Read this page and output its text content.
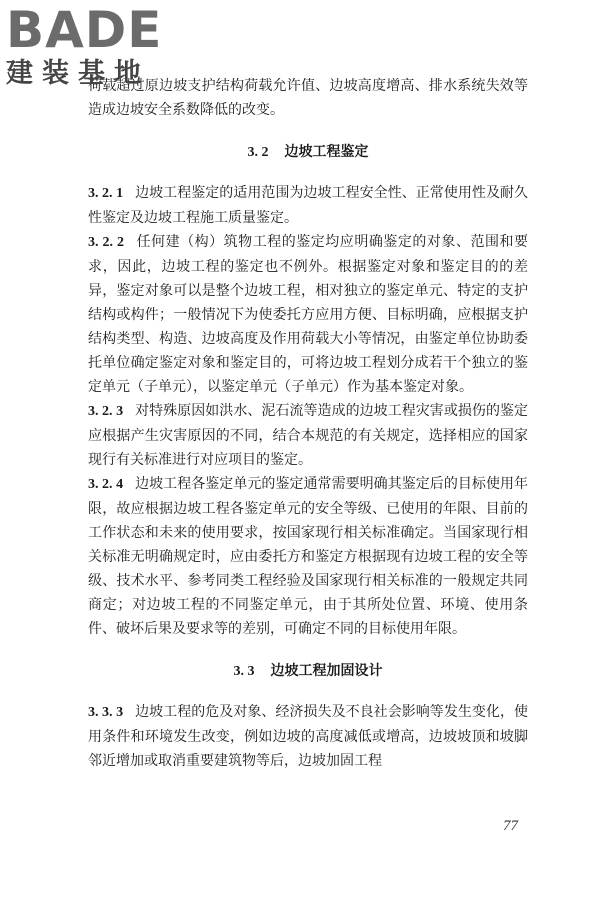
BADE
建装基地

荷载超过原边坡支护结构荷载允许值、边坡高度增高、排水系统失效等造成边坡安全系数降低的改变。

3. 2 边坡工程鉴定

3. 2. 1 边坡工程鉴定的适用范围为边坡工程安全性、正常使用性及耐久性鉴定及边坡工程施工质量鉴定。

3. 2. 2 任何建（构）筑物工程的鉴定均应明确鉴定的对象、范围和要求，因此，边坡工程的鉴定也不例外。根据鉴定对象和鉴定目的的差异，鉴定对象可以是整个边坡工程，相对独立的鉴定单元、特定的支护结构或构件；一般情况下为使委托方应用方便、目标明确，应根据支护结构类型、构造、边坡高度及作用荷载大小等情况，由鉴定单位协助委托单位确定鉴定对象和鉴定目的，可将边坡工程划分成若干个独立的鉴定单元（子单元），以鉴定单元（子单元）作为基本鉴定对象。

3. 2. 3 对特殊原因如洪水、泥石流等造成的边坡工程灾害或损伤的鉴定应根据产生灾害原因的不同，结合本规范的有关规定，选择相应的国家现行有关标准进行对应项目的鉴定。

3. 2. 4 边坡工程各鉴定单元的鉴定通常需要明确其鉴定后的目标使用年限，故应根据边坡工程各鉴定单元的安全等级、已使用的年限、目前的工作状态和未来的使用要求，按国家现行相关标准确定。当国家现行相关标准无明确规定时，应由委托方和鉴定方根据现有边坡工程的安全等级、技术水平、参考同类工程经验及国家现行相关标准的一般规定共同商定；对边坡工程的不同鉴定单元，由于其所处位置、环境、使用条件、破坏后果及要求等的差别，可确定不同的目标使用年限。

3. 3 边坡工程加固设计

3. 3. 3 边坡工程的危及对象、经济损失及不良社会影响等发生变化，使用条件和环境发生改变，例如边坡的高度减低或增高，边坡坡顶和坡脚邻近增加或取消重要建筑物等后，边坡加固工程

77
